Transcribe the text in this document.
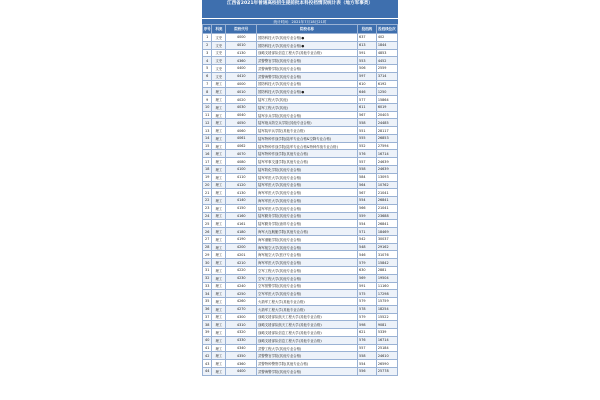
江西省2021年普通高校招生提前批本科投档情况统计表（地方军事类）
统计时间：2021年7月18日21时
序号	科类	院校代号	院校名称	投档线	投档线位次
1	文史	4000	国防科技大学(其他专业合格)●	637	402
2	文史	4010	国防科技大学(其他专业合格)●	613	1844
3	文史	4130	战略支援部队信息工程大学(其他专业合格)	591	4853
4	文史	4360	武警警官学院(其他专业合格)	553	4452
5	文史	4400	武警海警学院(其他专业合格)	506	2559
6	文史	4410	武警海警学院(其他专业合格)	597	3714
7	理工	4000	国防科技大学(其他专业合格)	610	6192
8	理工	4010	国防科技大学(其他专业合格)●	646	1250
9	理工	4020	陆军工程大学(其他)	577	15864
10	理工	4030	陆军工程大学(其他)	611	6019
11	理工	4040	陆军步兵学院(其他专业合格)	567	20403
12	理工	4050	陆军炮兵防空兵学院(其他专业合格)	558	24485
13	理工	4060	陆军装甲兵学院(其他专业合格)	551	28117
14	理工	4061	陆军特种作战学院(陆军专业合格&空降专业合格)	555	26853
15	理工	4062	陆军特种作战学院(陆军专业合格&特种作战专业合格)	552	27594
16	理工	4070	陆军特种作战学院(其他专业合格)	576	16714
17	理工	4080	陆军军事交通学院(其他专业合格)	557	24639
18	理工	4100	陆军防化学院(其他专业合格)	558	24639
19	理工	4110	陆军军医大学(其他专业合格)	584	13093
20	理工	4120	陆军军医大学(其他专业合格)	564	10762
21	理工	4130	海军军医大学(其他专业合格)	567	21041
22	理工	4140	海军军医大学(其他专业合格)	554	26841
23	理工	4150	陆军军医大学(其他专业合格)	566	21041
24	理工	4160	陆军勤务学院(其他专业合格)	559	23688
25	理工	4161	陆军勤务学院(油料专业合格)	554	26841
26	理工	4180	海军大连舰艇学院(其他专业合格)	571	18469
27	理工	4190	海军潜艇学院(其他专业合格)	542	30037
28	理工	4200	海军航空大学(其他专业合格)	548	29162
29	理工	4201	海军航空大学(医疗专业合格)	546	31076
30	理工	4210	海军军医大学(其他专业合格)	579	15842
31	理工	4220	空军工程大学(其他专业合格)	630	2881
32	理工	4230	空军工程大学(其他专业合格)	569	19504
33	理工	4240	空军预警学院(其他专业合格)	591	11160
34	理工	4250	空军军医大学(其他专业合格)	575	17298
35	理工	4260	火箭军工程大学(其他专业合格)	579	15759
36	理工	4270	火箭军工程大学(其他专业合格)	578	18254
37	理工	4300	战略支援部队航天工程大学(其他专业合格)	579	15522
38	理工	4310	战略支援部队航天工程大学(其他专业合格)	598	9081
39	理工	4320	战略支援部队信息工程大学(其他专业合格)	621	5339
40	理工	4330	战略支援部队信息工程大学(其他专业合格)	576	16714
41	理工	4340	武警工程大学(其他专业合格)	557	25184
42	理工	4350	武警警官学院(其他专业合格)	558	24610
43	理工	4360	武警特种警察学院(其他专业合格)	554	26590
44	理工	4400	武警海警学院(其他专业合格)	556	25778
